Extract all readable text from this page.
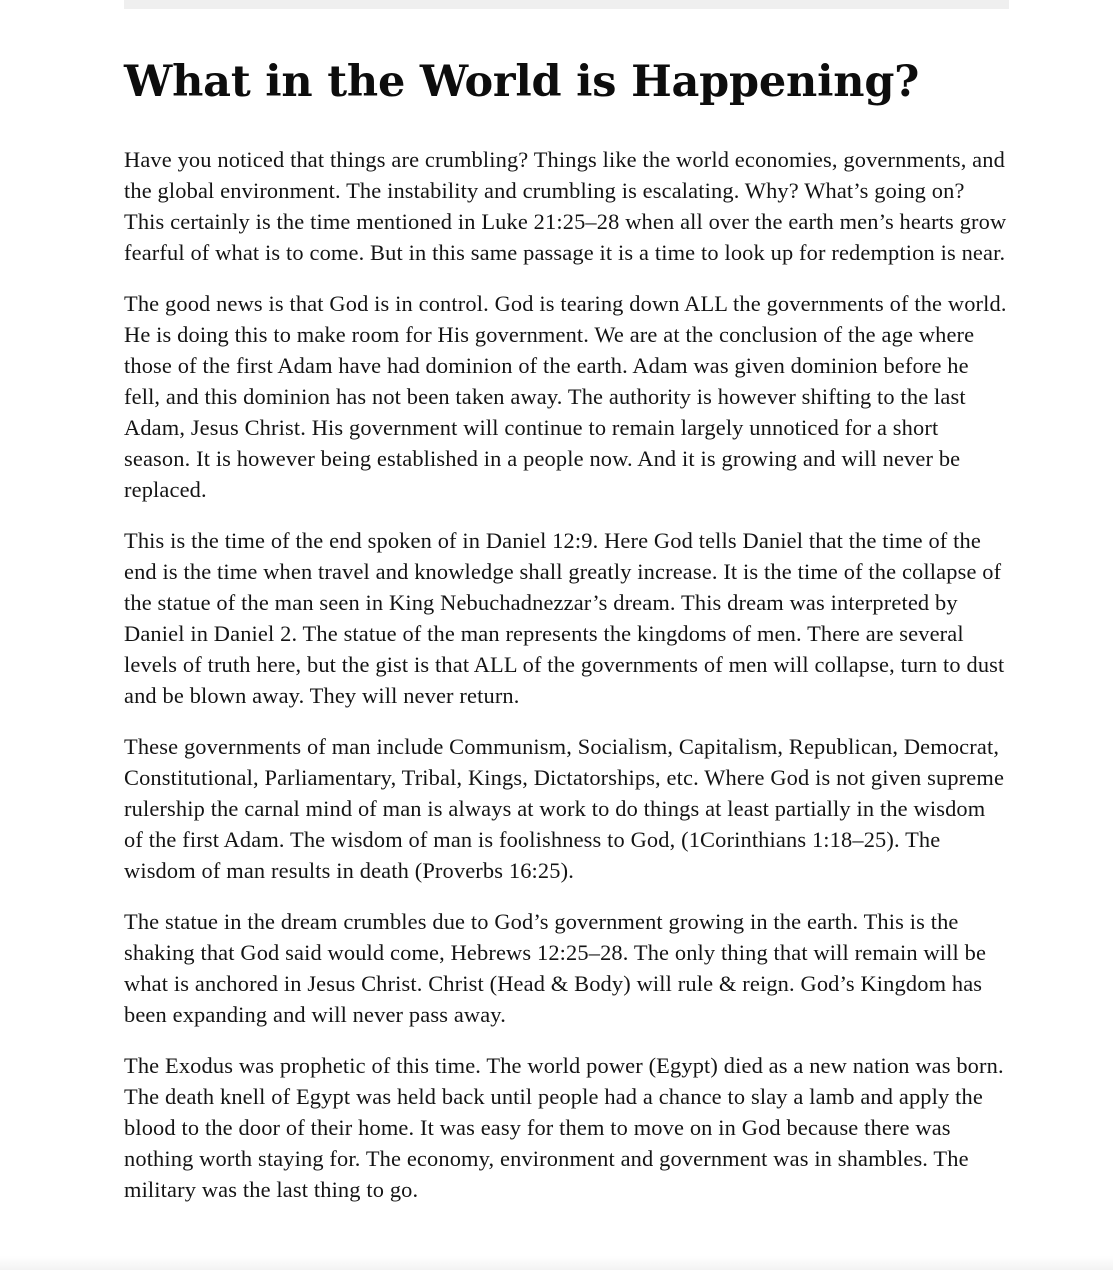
What in the World is Happening?

Have you noticed that things are crumbling? Things like the world economies, governments, and the global environment. The instability and crumbling is escalating. Why? What’s going on? This certainly is the time mentioned in Luke 21:25–28 when all over the earth men’s hearts grow fearful of what is to come. But in this same passage it is a time to look up for redemption is near.

The good news is that God is in control. God is tearing down ALL the governments of the world. He is doing this to make room for His government. We are at the conclusion of the age where those of the first Adam have had dominion of the earth. Adam was given dominion before he fell, and this dominion has not been taken away. The authority is however shifting to the last Adam, Jesus Christ. His government will continue to remain largely unnoticed for a short season. It is however being established in a people now. And it is growing and will never be replaced.

This is the time of the end spoken of in Daniel 12:9. Here God tells Daniel that the time of the end is the time when travel and knowledge shall greatly increase. It is the time of the collapse of the statue of the man seen in King Nebuchadnezzar’s dream. This dream was interpreted by Daniel in Daniel 2. The statue of the man represents the kingdoms of men. There are several levels of truth here, but the gist is that ALL of the governments of men will collapse, turn to dust and be blown away. They will never return.

These governments of man include Communism, Socialism, Capitalism, Republican, Democrat, Constitutional, Parliamentary, Tribal, Kings, Dictatorships, etc. Where God is not given supreme rulership the carnal mind of man is always at work to do things at least partially in the wisdom of the first Adam. The wisdom of man is foolishness to God, (1Corinthians 1:18–25). The wisdom of man results in death (Proverbs 16:25).

The statue in the dream crumbles due to God’s government growing in the earth. This is the shaking that God said would come, Hebrews 12:25–28. The only thing that will remain will be what is anchored in Jesus Christ. Christ (Head & Body) will rule & reign. God’s Kingdom has been expanding and will never pass away.

The Exodus was prophetic of this time. The world power (Egypt) died as a new nation was born. The death knell of Egypt was held back until people had a chance to slay a lamb and apply the blood to the door of their home. It was easy for them to move on in God because there was nothing worth staying for. The economy, environment and government was in shambles. The military was the last thing to go.
